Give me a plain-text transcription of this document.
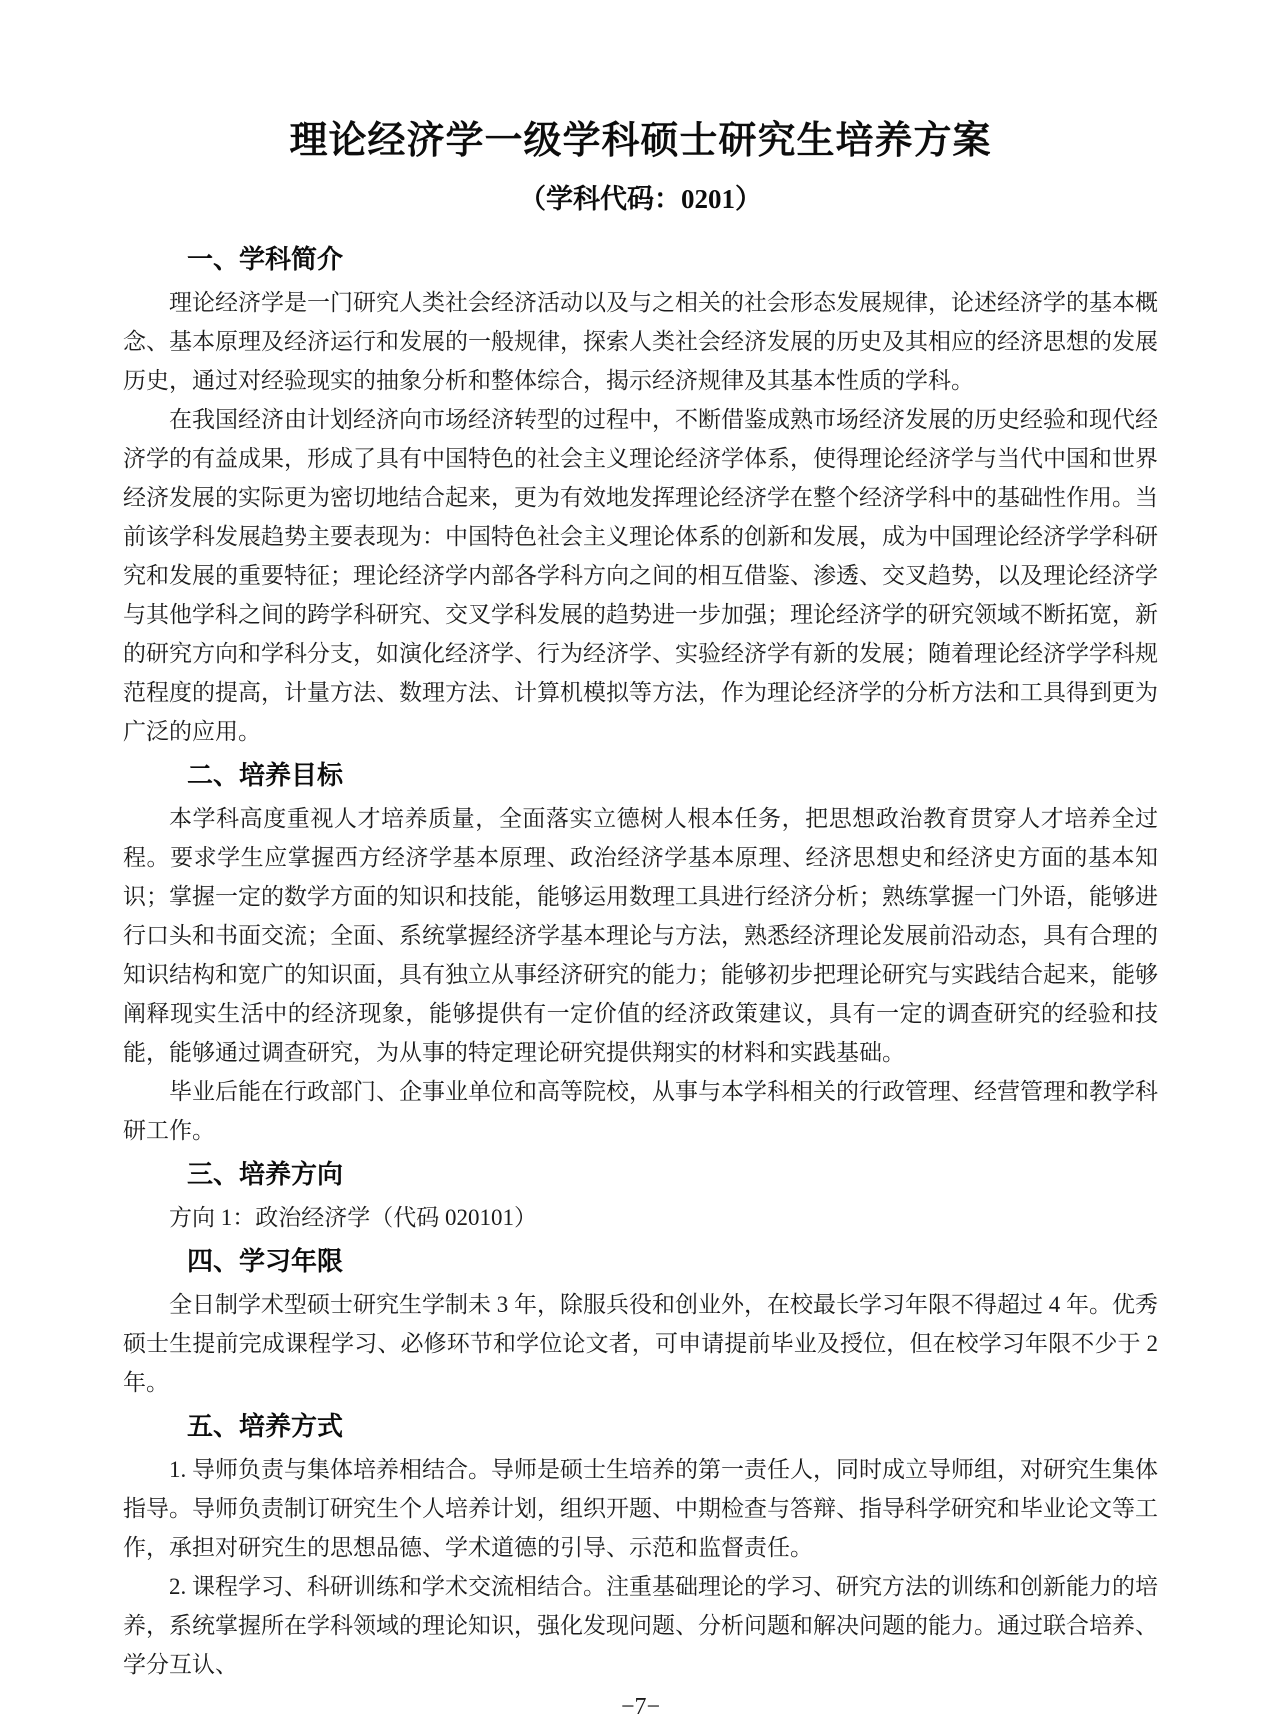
理论经济学一级学科硕士研究生培养方案
（学科代码：0201）
一、学科简介

理论经济学是一门研究人类社会经济活动以及与之相关的社会形态发展规律，论述经济学的基本概念、基本原理及经济运行和发展的一般规律，探索人类社会经济发展的历史及其相应的经济思想的发展历史，通过对经验现实的抽象分析和整体综合，揭示经济规律及其基本性质的学科。

在我国经济由计划经济向市场经济转型的过程中，不断借鉴成熟市场经济发展的历史经验和现代经济学的有益成果，形成了具有中国特色的社会主义理论经济学体系，使得理论经济学与当代中国和世界经济发展的实际更为密切地结合起来，更为有效地发挥理论经济学在整个经济学科中的基础性作用。当前该学科发展趋势主要表现为：中国特色社会主义理论体系的创新和发展，成为中国理论经济学学科研究和发展的重要特征；理论经济学内部各学科方向之间的相互借鉴、渗透、交叉趋势，以及理论经济学与其他学科之间的跨学科研究、交叉学科发展的趋势进一步加强；理论经济学的研究领域不断拓宽，新的研究方向和学科分支，如演化经济学、行为经济学、实验经济学有新的发展；随着理论经济学学科规范程度的提高，计量方法、数理方法、计算机模拟等方法，作为理论经济学的分析方法和工具得到更为广泛的应用。

二、培养目标

本学科高度重视人才培养质量，全面落实立德树人根本任务，把思想政治教育贯穿人才培养全过程。要求学生应掌握西方经济学基本原理、政治经济学基本原理、经济思想史和经济史方面的基本知识；掌握一定的数学方面的知识和技能，能够运用数理工具进行经济分析；熟练掌握一门外语，能够进行口头和书面交流；全面、系统掌握经济学基本理论与方法，熟悉经济理论发展前沿动态，具有合理的知识结构和宽广的知识面，具有独立从事经济研究的能力；能够初步把理论研究与实践结合起来，能够阐释现实生活中的经济现象，能够提供有一定价值的经济政策建议，具有一定的调查研究的经验和技能，能够通过调查研究，为从事的特定理论研究提供翔实的材料和实践基础。

毕业后能在行政部门、企事业单位和高等院校，从事与本学科相关的行政管理、经营管理和教学科研工作。

三、培养方向

方向 1：政治经济学（代码 020101）

四、学习年限

全日制学术型硕士研究生学制未 3 年，除服兵役和创业外，在校最长学习年限不得超过 4 年。优秀硕士生提前完成课程学习、必修环节和学位论文者，可申请提前毕业及授位，但在校学习年限不少于 2 年。

五、培养方式

1. 导师负责与集体培养相结合。导师是硕士生培养的第一责任人，同时成立导师组，对研究生集体指导。导师负责制订研究生个人培养计划，组织开题、中期检查与答辩、指导科学研究和毕业论文等工作，承担对研究生的思想品德、学术道德的引导、示范和监督责任。

2. 课程学习、科研训练和学术交流相结合。注重基础理论的学习、研究方法的训练和创新能力的培养，系统掌握所在学科领域的理论知识，强化发现问题、分析问题和解决问题的能力。通过联合培养、学分互认、

−7−
